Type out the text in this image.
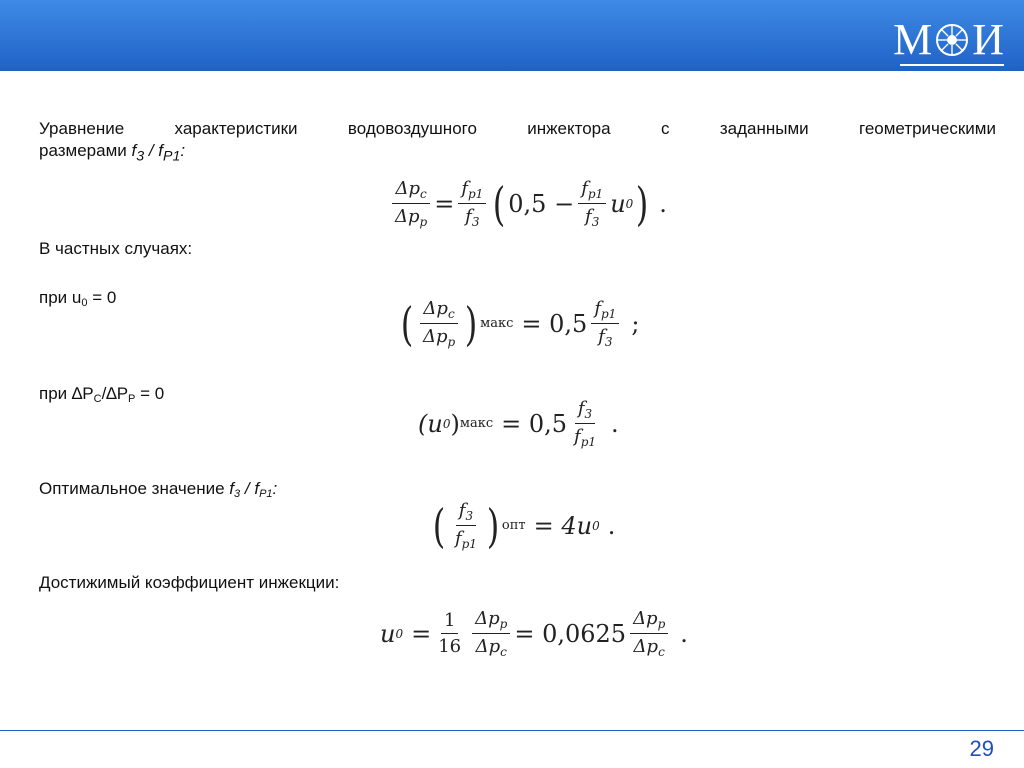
М И
Уравнение	характеристики	водовоздушного	инжектора	с	заданными	геометрическими
размерами $f_3 / f_{P1}$:
$\frac{\Delta p_c}{\Delta p_p} = \frac{f_{p1}}{f_3}$ ( $0,5 - \frac{f_{p1}}{f_3}$ u 0 ) .
В частных случаях:
при $u_0 = 0$	( $\frac{\Delta p_c}{\Delta p_p}$ ) макс = $0,5 \frac{f_{p1}}{f_3}$ ;
при $\Delta P_C/\Delta P_P = 0$
(u 0 ) макс = $0,5 \frac{f_3}{f_{p1}}$ .
Оптимальное значение $f_3 / f_{P1}$:
( $\frac{f_3}{f_{p1}}$ ) опт = 4u 0 .
Достижимый коэффициент инжекции:
u $0 = \frac{1}{16} \frac{\Delta p_p}{\Delta p_c} = 0,0625 \frac{\Delta p_p}{\Delta p_c}$ .
29
